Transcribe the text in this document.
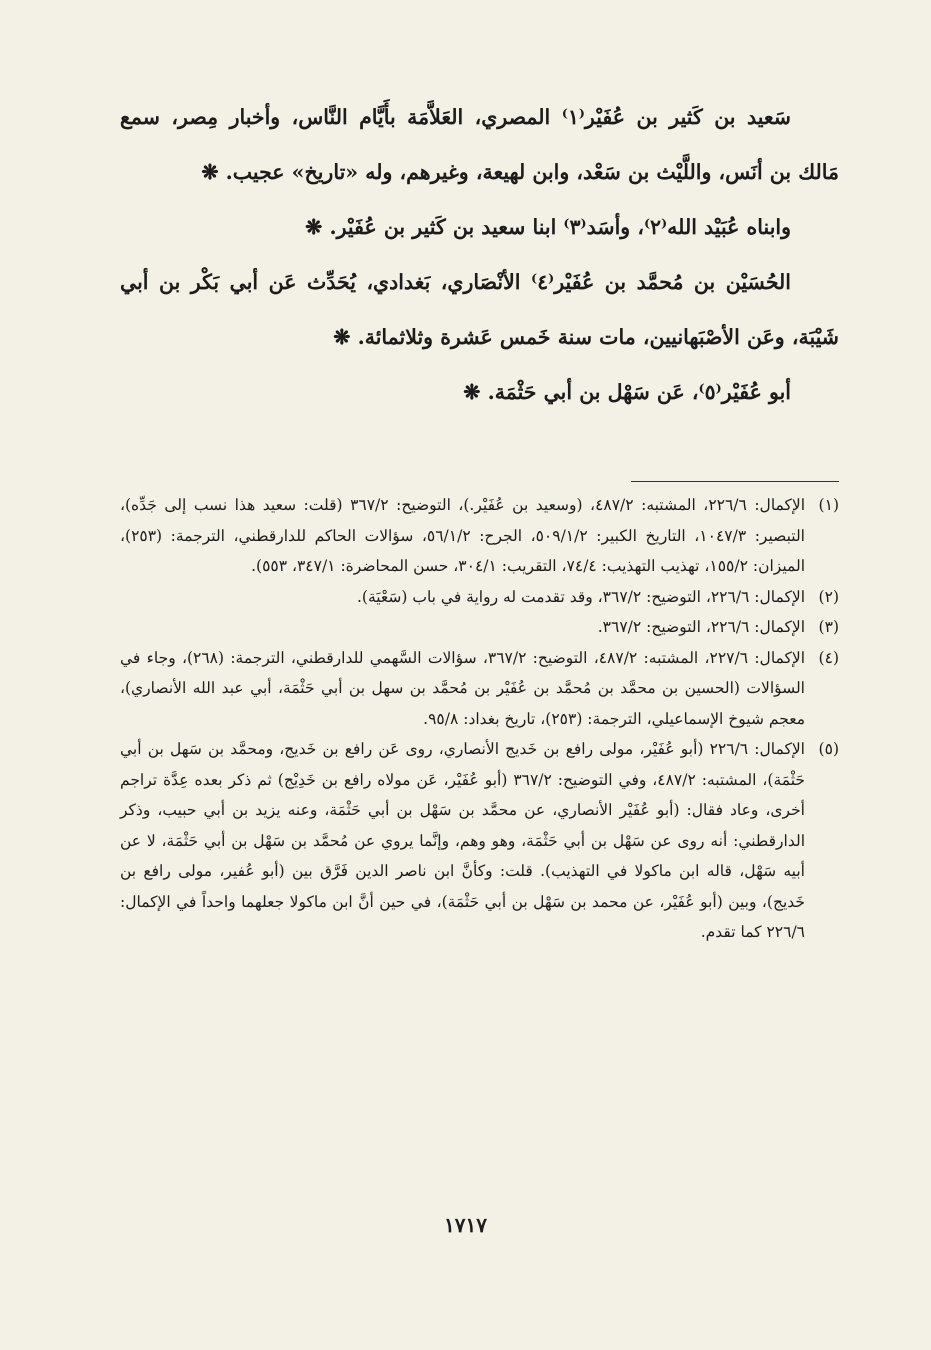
سَعيد بن كَثير بن عُفَيْر⁽١⁾ المصري، العَلاَّمَة بأَيَّام النَّاس، وأخبار مِصر، سمع مَالك بن أنَس، واللَّيْث بن سَعْد، وابن لهيعة، وغيرهم، وله «تاريخ» عجيب. ❋

وابناه عُبَيْد الله⁽٢⁾، وأسَد⁽٣⁾ ابنا سعيد بن كَثير بن عُفَيْر. ❋

الحُسَيْن بن مُحمَّد بن عُفَيْر⁽٤⁾ الأنْصَاري، بَغدادي، يُحَدِّث عَن أبي بَكْر بن أبي شَيْبَة، وعَن الأصْبَهانيين، مات سنة خَمس عَشرة وثلاثمائة. ❋

أبو عُفَيْر⁽٥⁾، عَن سَهْل بن أبي حَثْمَة. ❋

(١)
الإكمال: ٢٢٦/٦، المشتبه: ٤٨٧/٢، (وسعيد بن عُفَيْر.)، التوضيح: ٣٦٧/٢ (قلت: سعيد هذا نسب إلى جَدِّه)، التبصير: ١٠٤٧/٣، التاريخ الكبير: ٥٠٩/١/٢، الجرح: ٥٦/١/٢، سؤالات الحاكم للدارقطني، الترجمة: (٢٥٣)، الميزان: ١٥٥/٢، تهذيب التهذيب: ٧٤/٤، التقريب: ٣٠٤/١، حسن المحاضرة: ٣٤٧/١، ٥٥٣).
(٢)
الإكمال: ٢٢٦/٦، التوضيح: ٣٦٧/٢، وقد تقدمت له رواية في باب (سَعْيَة).
(٣)
الإكمال: ٢٢٦/٦، التوضيح: ٣٦٧/٢.
(٤)
الإكمال: ٢٢٧/٦، المشتبه: ٤٨٧/٢، التوضيح: ٣٦٧/٢، سؤالات السَّهمي للدارقطني، الترجمة: (٢٦٨)، وجاء في السؤالات (الحسين بن محمَّد بن مُحمَّد بن عُفَيْر بن مُحمَّد بن سهل بن أبي حَثْمَة، أبي عبد الله الأنصاري)، معجم شيوخ الإسماعيلي، الترجمة: (٢٥٣)، تاريخ بغداد: ٩٥/٨.
(٥)
الإكمال: ٢٢٦/٦ (أبو عُفَيْر، مولى رافع بن خَديج الأنصاري، روى عَن رافع بن خَديج، ومحمَّد بن سَهل بن أبي حَثْمَة)، المشتبه: ٤٨٧/٢، وفي التوضيح: ٣٦٧/٢ (أبو عُفَيْر، عَن مولاه رافع بن خَدِيْج) ثم ذكر بعده عِدَّة تراجم أخرى، وعاد فقال: (أبو عُفَيْر الأنصاري، عن محمَّد بن سَهْل بن أبي حَثْمَة، وعنه يزيد بن أبي حبيب، وذكر الدارقطني: أنه روى عن سَهْل بن أبي حَثْمَة، وهو وهم، وإنَّما يروي عن مُحمَّد بن سَهْل بن أبي حَثْمَة، لا عن أبيه سَهْل، قاله ابن ماكولا في التهذيب). قلت: وكأنَّ ابن ناصر الدين فَرَّق بين (أبو عُفير، مولى رافع بن خَديج)، وبين (أبو عُفَيْر، عن محمد بن سَهْل بن أبي حَثْمَة)، في حين أنَّ ابن ماكولا جعلهما واحداً في الإكمال: ٢٢٦/٦ كما تقدم.
١٧١٧
